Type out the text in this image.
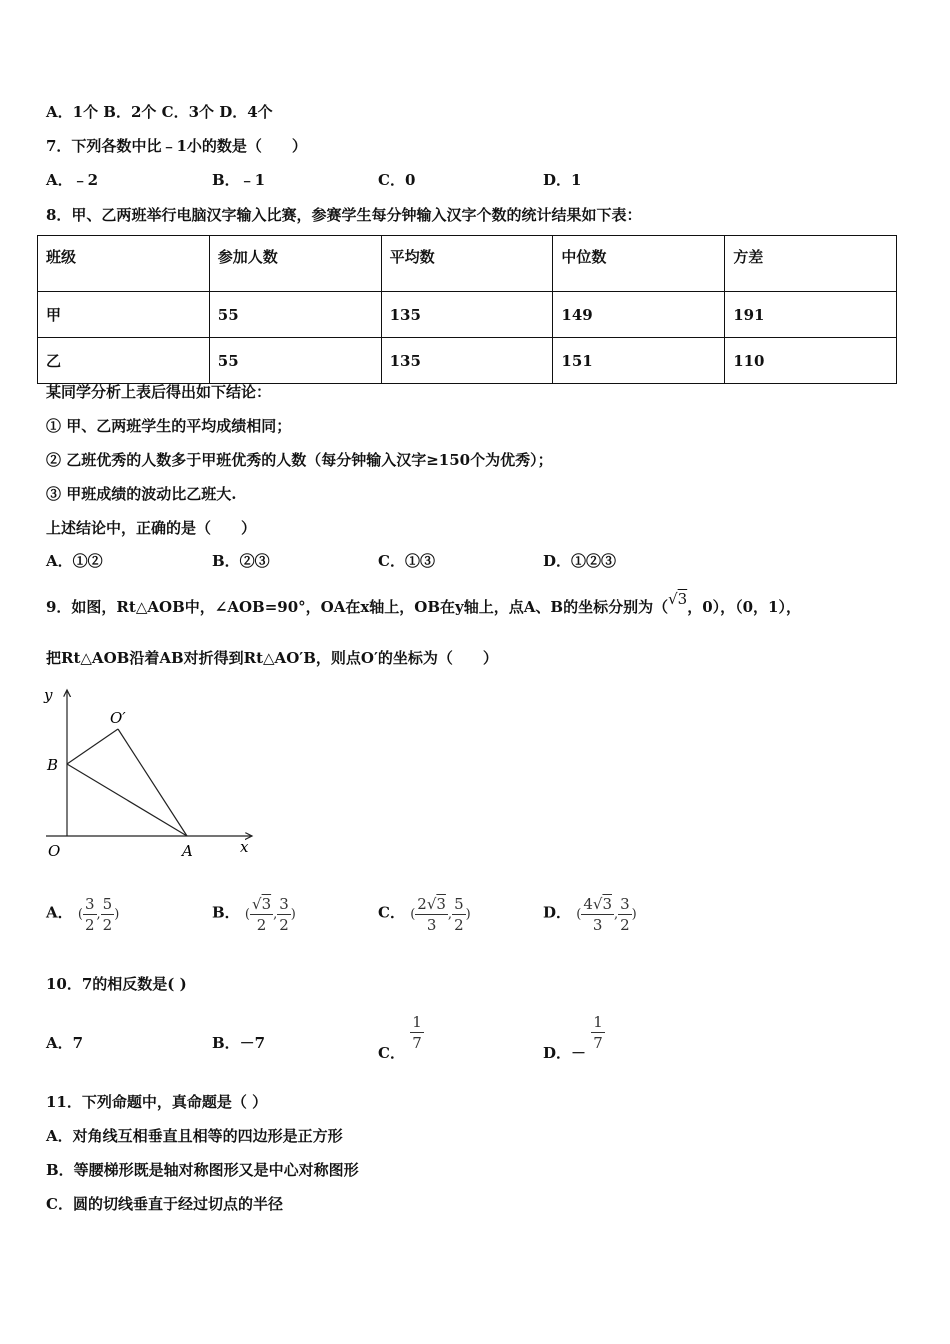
A．1个 B．2个 C．3个 D．4个
7．下列各数中比﹣1小的数是（　　）
A．﹣2	B．﹣1	C．0	D．1
8．甲、乙两班举行电脑汉字输入比赛，参赛学生每分钟输入汉字个数的统计结果如下表：
班级	参加人数	平均数	中位数	方差
甲	55	135	149	191
乙	55	135	151	110
某同学分析上表后得出如下结论：
① 甲、乙两班学生的平均成绩相同；
② 乙班优秀的人数多于甲班优秀的人数（每分钟输入汉字≥150个为优秀）；
③ 甲班成绩的波动比乙班大.
上述结论中，正确的是（　　）
A．①②	B．②③	C．①③	D．①②③
9．如图，Rt△AOB中，∠AOB=90°，OA在x轴上，OB在y轴上，点A、B的坐标分别为（√3，0），（0，1），
把Rt△AOB沿着AB对折得到Rt△AO′B，则点O′的坐标为（　　）
y
x
O	A
B
O′
A． ( $\frac{3}{2}$ , $\frac{5}{2}$ )	B． ( $\frac{√3}{2}$ , $\frac{3}{2}$ )	C． ( $\frac{2√3}{3}$ , $\frac{5}{2}$ )	D． ( $\frac{4√3}{3}$ , $\frac{3}{2}$ )
10．7的相反数是( )
A．7	B．－7
C． $\frac{1}{7}$	D．－ $\frac{1}{7}$
11．下列命题中，真命题是（ ）
A．对角线互相垂直且相等的四边形是正方形
B．等腰梯形既是轴对称图形又是中心对称图形
C．圆的切线垂直于经过切点的半径
